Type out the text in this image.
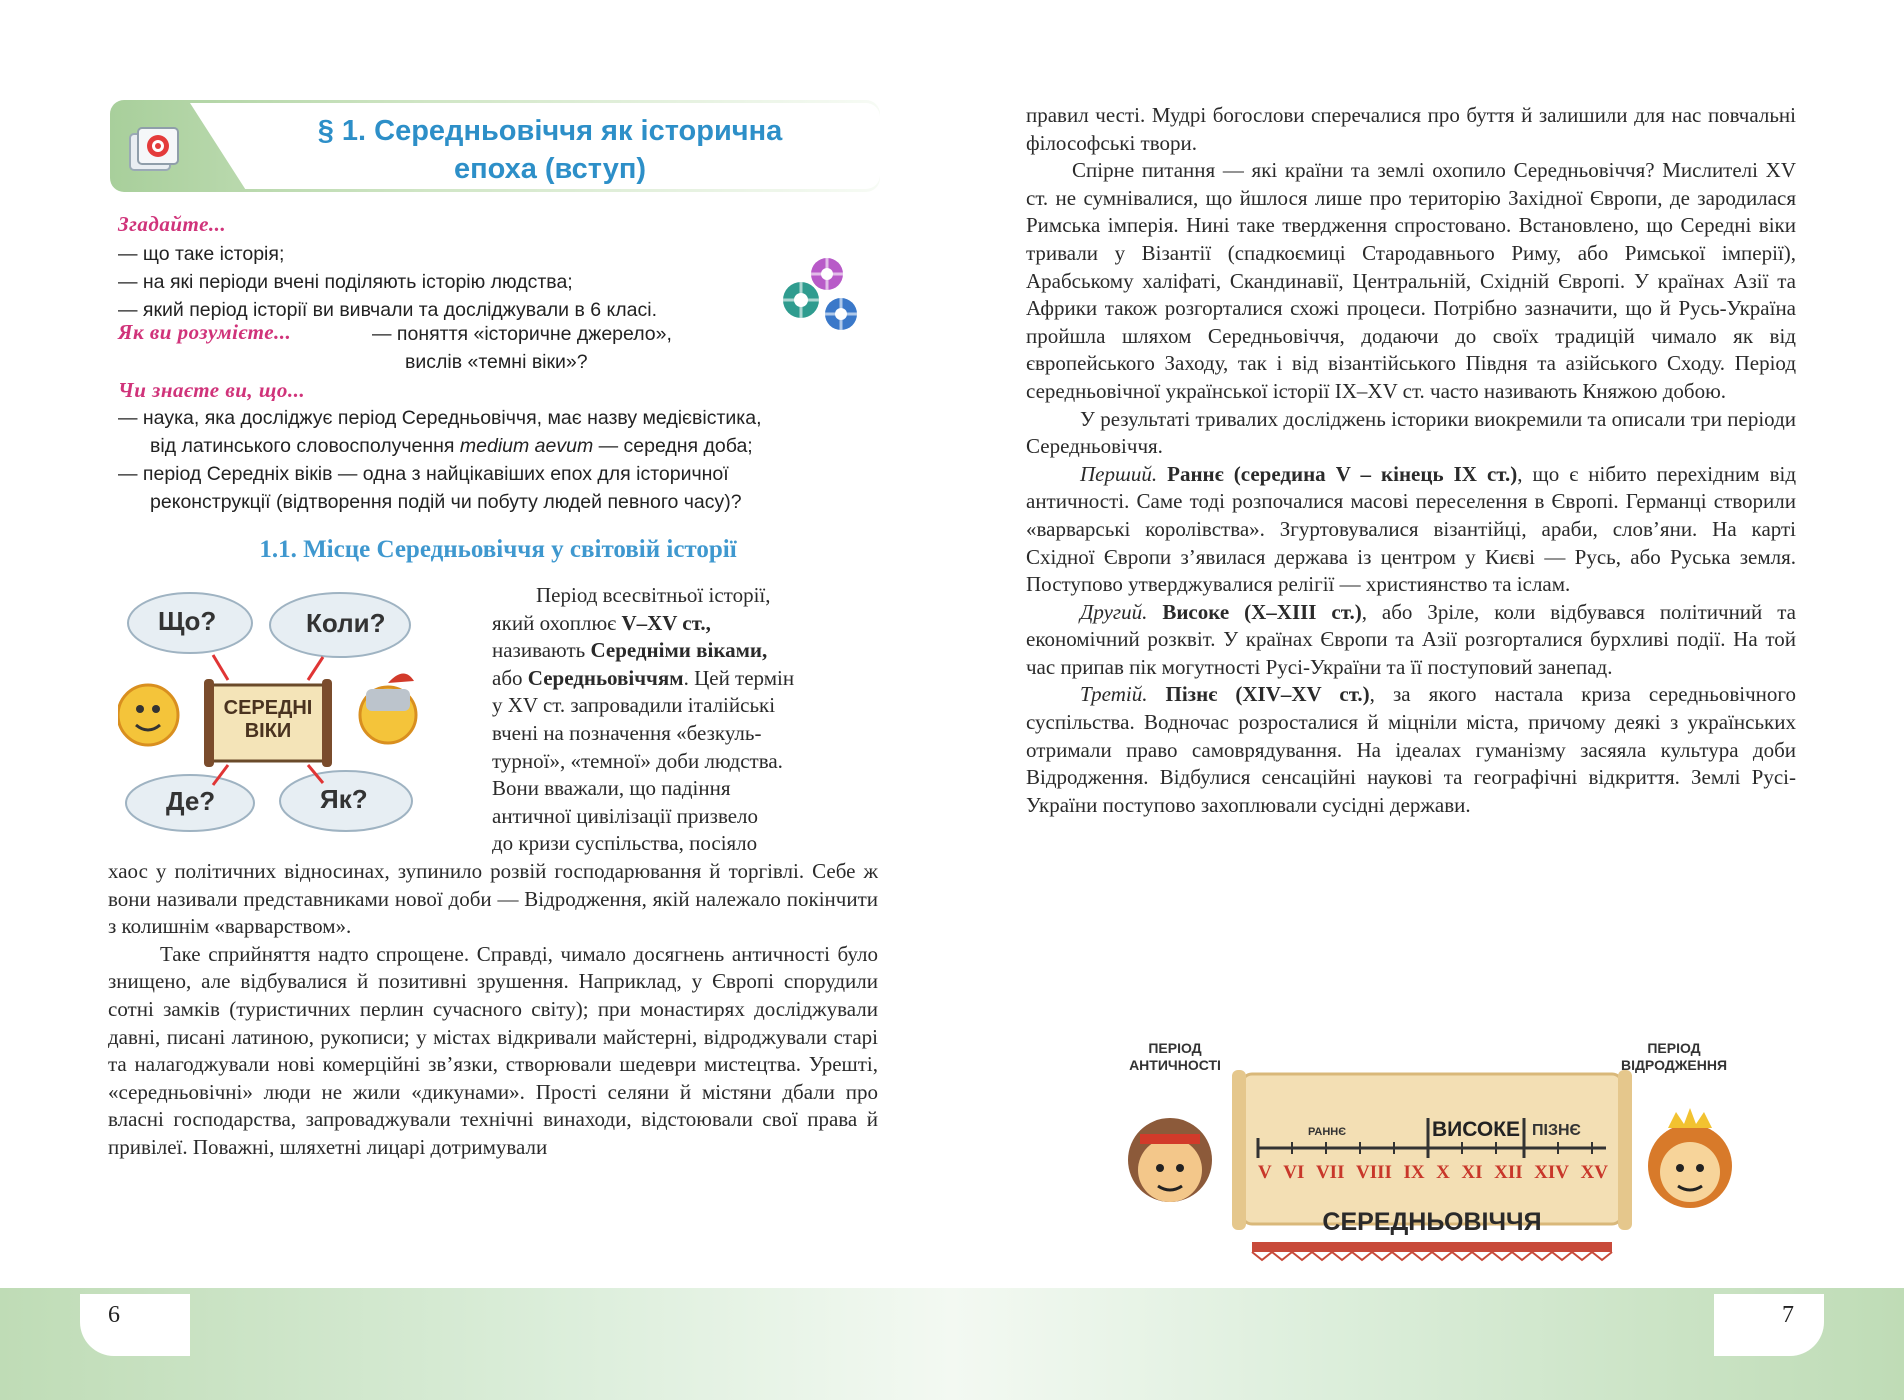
6	7
§ 1. Середньовіччя як історична
епоха (вступ)
Згадайте...
— що таке історія;
— на які періоди вчені поділяють історію людства;
— який період історії ви вивчали та досліджували в 6 класі.
Як ви розумієте...	— поняття «історичне джерело»,
вислів «темні віки»?
Чи знаєте ви, що...
— наука, яка досліджує період Середньовіччя, має назву медієвістика,
від латинського словосполучення medium aevum — середня доба;
— період Середніх віків — одна з найцікавіших епох для історичної
реконструкції (відтворення подій чи побуту людей певного часу)?
1.1. Місце Середньовіччя у світовій історії
Що?	Коли?
Де?	Як?
СЕРЕДНІ
ВІКИ

Період всесвітньої історії,

який охоплює V–XV ст.,

називають Середніми віками,

або Середньовіччям. Цей термін

у XV ст. запровадили італійські

вчені на позначення «безкуль-

турної», «темної» доби людства.

Вони вважали, що падіння

античної цивілізації призвело

до кризи суспільства, посіяло

хаос у політичних відносинах, зупинило розвій господарювання й торгівлі. Себе ж вони називали представниками нової доби — Відродження, якій належало покінчити з колишнім «варварством».

Таке сприйняття надто спрощене. Справді, чимало досягнень античності було знищено, але відбувалися й позитивні зрушення. Наприклад, у Європі спорудили сотні замків (туристичних перлин сучасного світу); при монастирях досліджували давні, писані латиною, рукописи; у містах відкривали майстерні, відроджували старі та налагоджували нові комерційні зв’язки, створювали шедеври мистецтва. Урешті, «середньовічні» люди не жили «дикунами». Прості селяни й містяни дбали про власні господарства, запроваджували технічні винаходи, відстоювали свої права й привілеї. Поважні, шляхетні лицарі дотримували

правил честі. Мудрі богослови сперечалися про буття й залишили для нас повчальні філософські твори.

Спірне питання — які країни та землі охопило Середньовіччя? Мислителі XV ст. не сумнівалися, що йшлося лише про територію Західної Європи, де зародилася Римська імперія. Нині таке твердження спростовано. Встановлено, що Середні віки тривали у Візантії (спадкоємиці Стародавнього Риму, або Римської імперії), Арабському халіфаті, Скандинавії, Центральній, Східній Європі. У країнах Азії та Африки також розгорталися схожі процеси. Потрібно зазначити, що й Русь-Україна пройшла шляхом Середньовіччя, додаючи до своїх традицій чимало як від європейського Заходу, так і від візантійського Півдня та азійського Сходу. Період середньовічної української історії IX–XV ст. часто називають Княжою добою.

У результаті тривалих досліджень історики виокремили та описали три періоди Середньовіччя.

Перший. Раннє (середина V – кінець IX ст.), що є нібито перехідним від античності. Саме тоді розпочалися масові переселення в Європі. Германці створили «варварські королівства». Згуртовувалися візантійці, араби, слов’яни. На карті Східної Європи з’явилася держава із центром у Києві — Русь, або Руська земля. Поступово утверджувалися релігії — християнство та іслам.

Другий. Високе (X–XIII ст.), або Зріле, коли відбувався політичний та економічний розквіт. У країнах Європи та Азії розгорталися бурхливі події. На той час припав пік могутності Русі-України та її поступовий занепад.

Третій. Пізнє (XIV–XV ст.), за якого настала криза середньовічного суспільства. Водночас розросталися й міцніли міста, причому деякі з українських отримали право самоврядування. На ідеалах гуманізму засяяла культура доби Відродження. Відбулися сенсаційні наукові та географічні відкриття. Землі Русі-України поступово захоплювали сусідні держави.

ПЕРІОД
АНТИЧНОСТІ
ПЕРІОД
ВІДРОДЖЕННЯ
РАННЄ	ВИСОКЕ ПІЗНЄ
V VI VII VIII IX X XI XII XIV XV
СЕРЕДНЬОВІЧЧЯ
